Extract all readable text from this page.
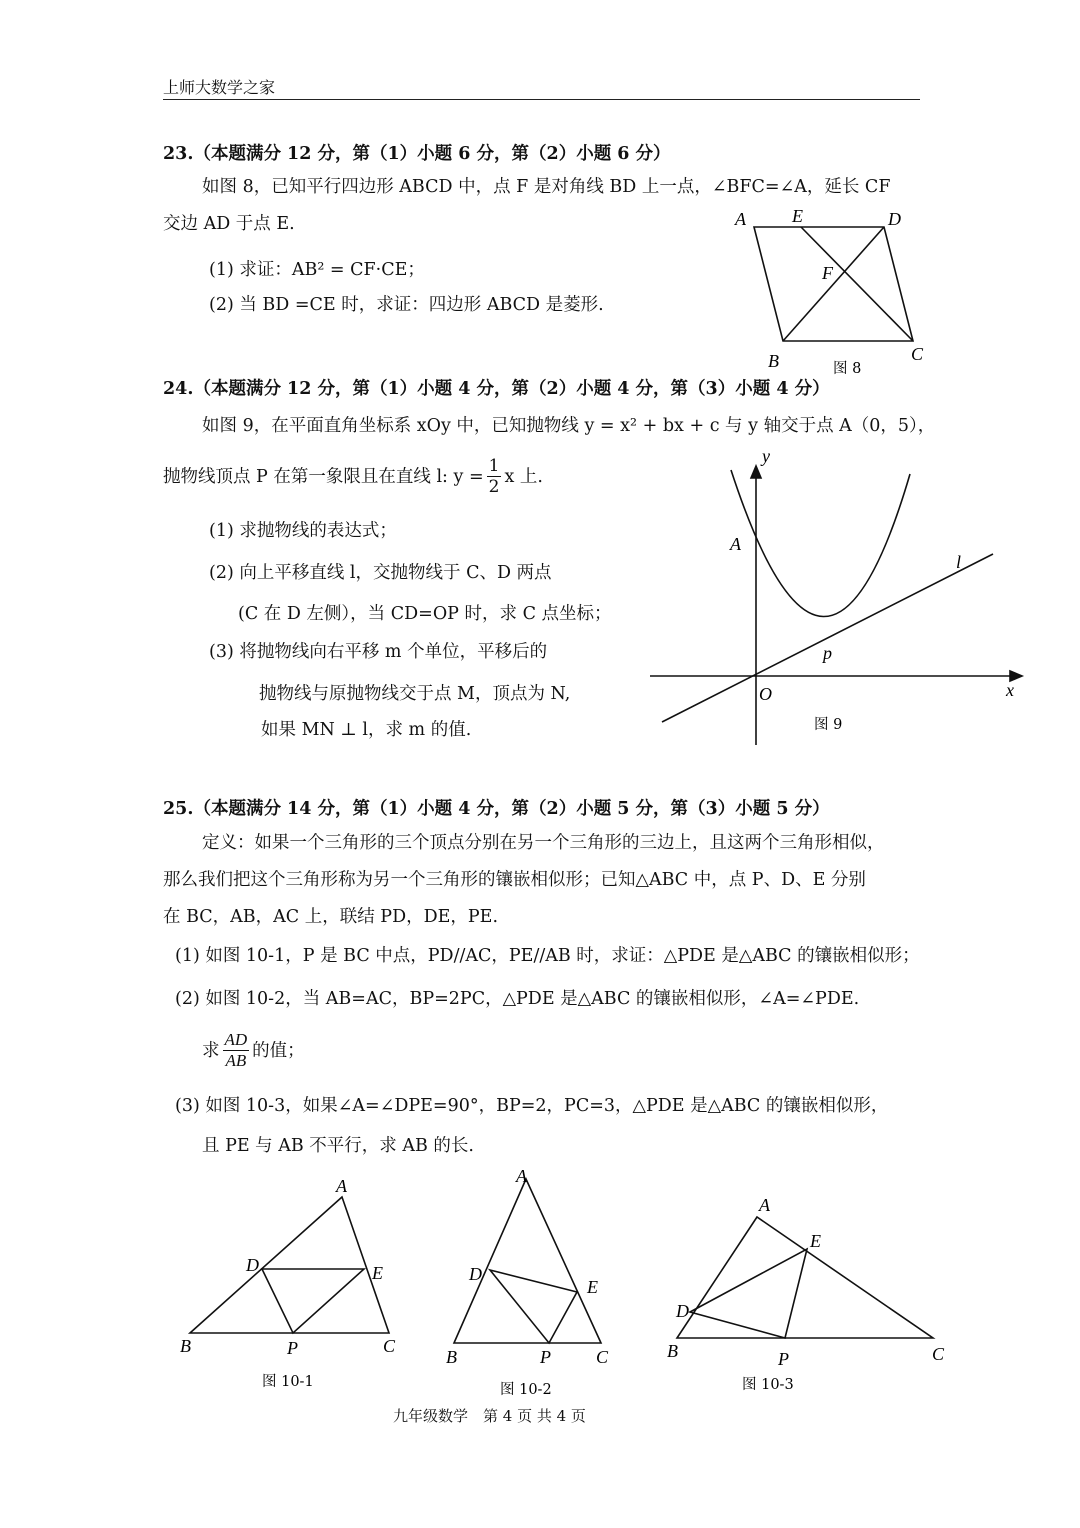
上师大数学之家
23.（本题满分 12 分，第（1）小题 6 分，第（2）小题 6 分）
如图 8，已知平行四边形 ABCD 中，点 F 是对角线 BD 上一点，∠BFC=∠A，延长 CF
交边 AD 于点 E.
(1) 求证：AB² = CF·CE；
(2) 当 BD =CE 时，求证：四边形 ABCD 是菱形.
A	E	D
F
B	C
图 8
24.（本题满分 12 分，第（1）小题 4 分，第（2）小题 4 分，第（3）小题 4 分）
如图 9，在平面直角坐标系 xOy 中，已知抛物线 y = x² + bx + c 与 y 轴交于点 A（0，5），
抛物线顶点 P 在第一象限且在直线 l: $y = \frac{1}{2}$ x 上.
(1) 求抛物线的表达式；
(2) 向上平移直线 l，交抛物线于 C、D 两点
(C 在 D 左侧），当 CD=OP 时，求 C 点坐标；
(3) 将抛物线向右平移 m 个单位，平移后的
抛物线与原抛物线交于点 M，顶点为 N,
如果 MN ⊥ l，求 m 的值.
y
A
l
p
O	x
图 9
25.（本题满分 14 分，第（1）小题 4 分，第（2）小题 5 分，第（3）小题 5 分）
定义：如果一个三角形的三个顶点分别在另一个三角形的三边上，且这两个三角形相似，
那么我们把这个三角形称为另一个三角形的镶嵌相似形；已知△ABC 中，点 P、D、E 分别
在 BC，AB，AC 上，联结 PD，DE，PE.
(1) 如图 10-1，P 是 BC 中点，PD//AC，PE//AB 时，求证：△PDE 是△ABC 的镶嵌相似形；
(2) 如图 10-2，当 AB=AC，BP=2PC，△PDE 是△ABC 的镶嵌相似形，∠A=∠PDE.
求 $\frac{AD}{AB}$ 的值；
(3) 如图 10-3，如果∠A=∠DPE=90°，BP=2，PC=3，△PDE 是△ABC 的镶嵌相似形，
且 PE 与 AB 不平行，求 AB 的长.
A
D	E
B	P	C
图 10-1
A
D
E
B	P	C
图 10-2
A
E
D
B	P	C
图 10-3
九年级数学　第 4 页 共 4 页
